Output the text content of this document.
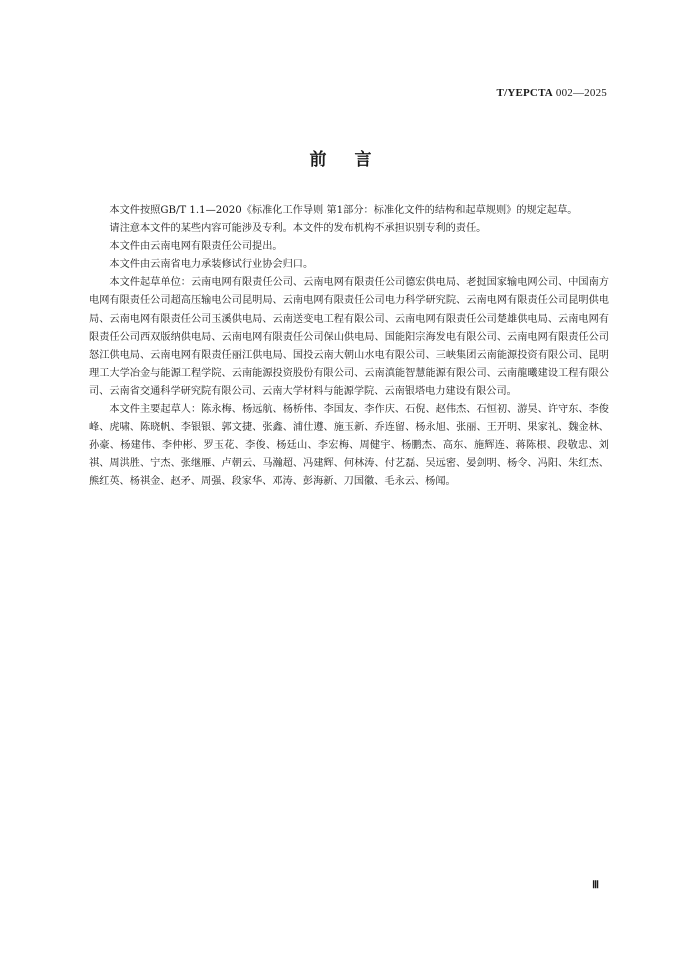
T/YEPCTA 002—2025
前言

本文件按照GB/T 1.1—2020《标准化工作导则 第1部分：标准化文件的结构和起草规则》的规定起草。

请注意本文件的某些内容可能涉及专利。本文件的发布机构不承担识别专利的责任。

本文件由云南电网有限责任公司提出。

本文件由云南省电力承装修试行业协会归口。

本文件起草单位：云南电网有限责任公司、云南电网有限责任公司德宏供电局、老挝国家输电网公司、中国南方电网有限责任公司超高压输电公司昆明局、云南电网有限责任公司电力科学研究院、云南电网有限责任公司昆明供电局、云南电网有限责任公司玉溪供电局、云南送变电工程有限公司、云南电网有限责任公司楚雄供电局、云南电网有限责任公司西双版纳供电局、云南电网有限责任公司保山供电局、国能阳宗海发电有限公司、云南电网有限责任公司怒江供电局、云南电网有限责任丽江供电局、国投云南大朝山水电有限公司、三峡集团云南能源投资有限公司、昆明理工大学冶金与能源工程学院、云南能源投资股份有限公司、云南滇能智慧能源有限公司、云南龍曦建设工程有限公司、云南省交通科学研究院有限公司、云南大学材料与能源学院、云南银塔电力建设有限公司。

本文件主要起草人：陈永梅、杨远航、杨桥伟、李国友、李作庆、石倪、赵伟杰、石恒初、游昊、许守东、李俊峰、虎啸、陈晓帆、李银银、郭文捷、张鑫、浦仕遵、施玉新、乔连留、杨永旭、张丽、王开明、果家礼、魏金林、孙豪、杨建伟、李仲彬、罗玉花、李俊、杨廷山、李宏梅、周健宇、杨鹏杰、高东、施辉连、蒋陈根、段敬忠、刘祺、周洪胜、宁杰、张继雁、卢朝云、马瀚超、冯建辉、何林涛、付艺磊、吴远密、晏剑明、杨令、冯阳、朱红杰、熊红英、杨祺金、赵矛、周强、段家华、邓涛、彭海新、刀国徽、毛永云、杨闻。

Ⅲ
